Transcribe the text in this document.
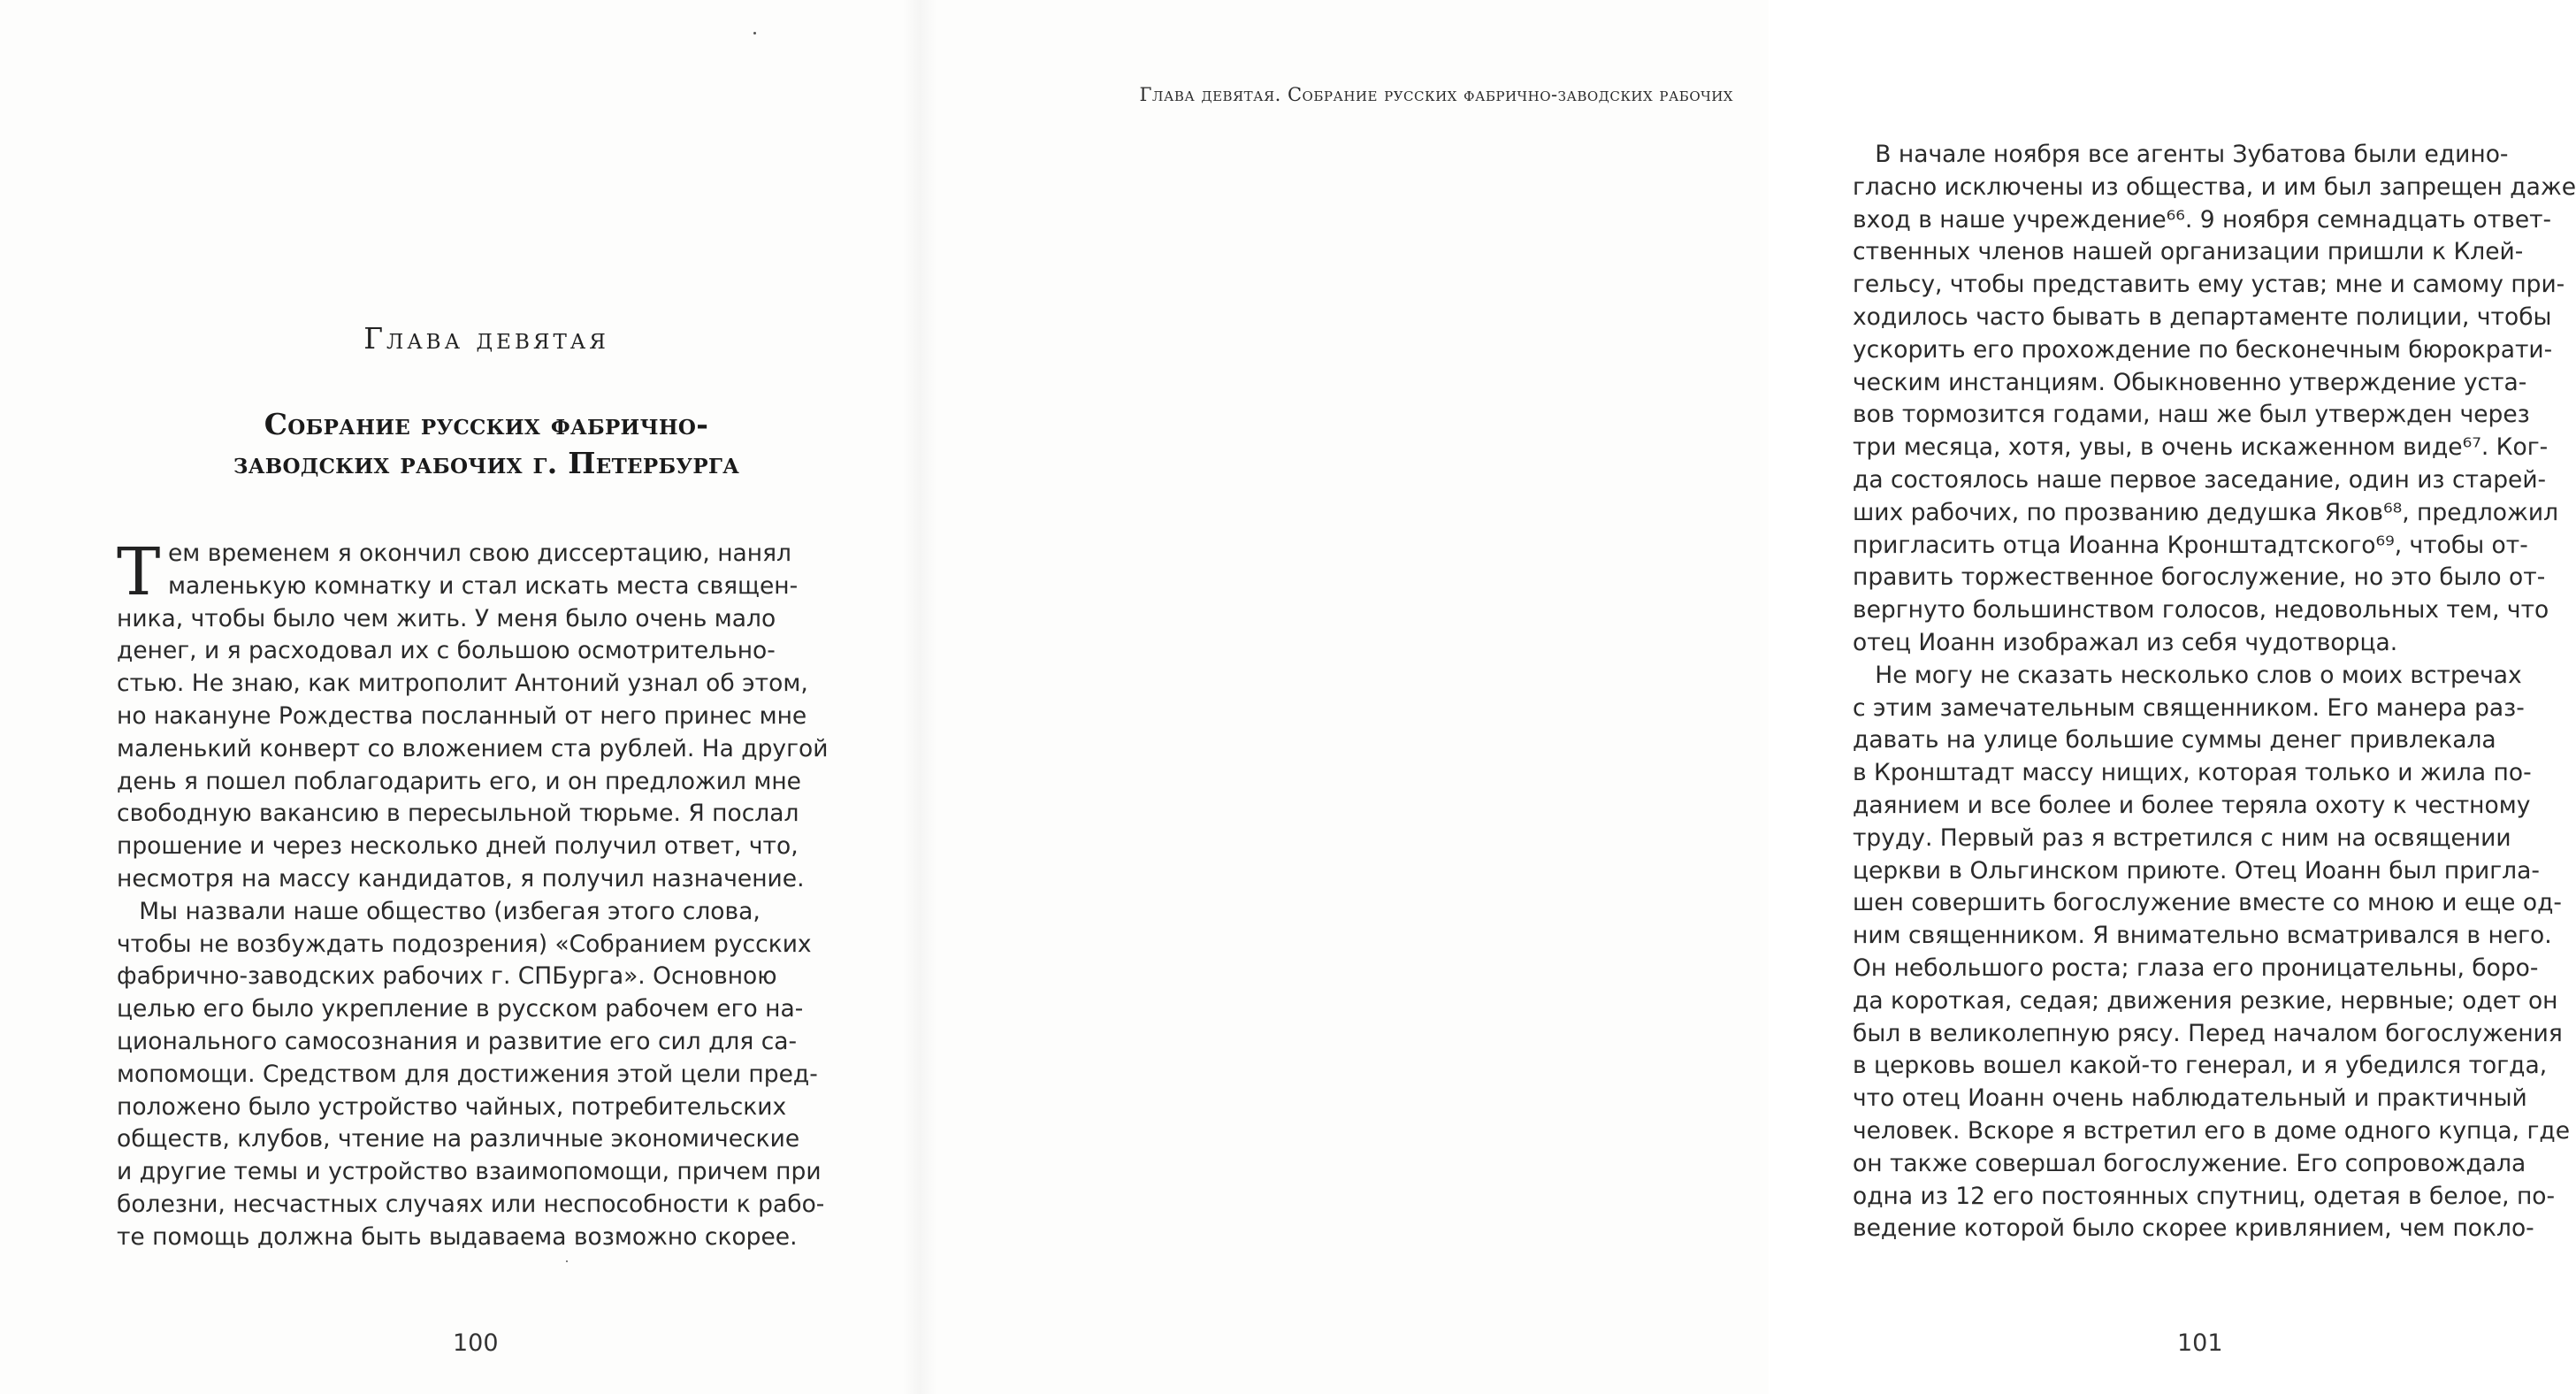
Глава девятая
Собрание русских фабрично-
заводских рабочих г. Петербурга
Т ем временем я окончил свою диссертацию, нанял
маленькую комнатку и стал искать места священ-
ника, чтобы было чем жить. У меня было очень мало
денег, и я расходовал их с большою осмотрительно-
стью. Не знаю, как митрополит Антоний узнал об этом,
но накануне Рождества посланный от него принес мне
маленький конверт со вложением ста рублей. На другой
день я пошел поблагодарить его, и он предложил мне
свободную вакансию в пересыльной тюрьме. Я послал
прошение и через несколько дней получил ответ, что,
несмотря на массу кандидатов, я получил назначение.
Мы назвали наше общество (избегая этого слова,
чтобы не возбуждать подозрения) «Собранием русских
фабрично-заводских рабочих г. СПБурга». Основною
целью его было укрепление в русском рабочем его на-
ционального самосознания и развитие его сил для са-
мопомощи. Средством для достижения этой цели пред-
положено было устройство чайных, потребительских
обществ, клубов, чтение на различные экономические
и другие темы и устройство взаимопомощи, причем при
болезни, несчастных случаях или неспособности к рабо-
те помощь должна быть выдаваема возможно скорее.
100
Глава девятая. Собрание русских фабрично-заводских рабочих
В начале ноября все агенты Зубатова были едино-
гласно исключены из общества, и им был запрещен даже
вход в наше учреждение⁶⁶. 9 ноября семнадцать ответ-
ственных членов нашей организации пришли к Клей-
гельсу, чтобы представить ему устав; мне и самому при-
ходилось часто бывать в департаменте полиции, чтобы
ускорить его прохождение по бесконечным бюрократи-
ческим инстанциям. Обыкновенно утверждение уста-
вов тормозится годами, наш же был утвержден через
три месяца, хотя, увы, в очень искаженном виде⁶⁷. Ког-
да состоялось наше первое заседание, один из старей-
ших рабочих, по прозванию дедушка Яков⁶⁸, предложил
пригласить отца Иоанна Кронштадтского⁶⁹, чтобы от-
править торжественное богослужение, но это было от-
вергнуто большинством голосов, недовольных тем, что
отец Иоанн изображал из себя чудотворца.
Не могу не сказать несколько слов о моих встречах
с этим замечательным священником. Его манера раз-
давать на улице большие суммы денег привлекала
в Кронштадт массу нищих, которая только и жила по-
даянием и все более и более теряла охоту к честному
труду. Первый раз я встретился с ним на освящении
церкви в Ольгинском приюте. Отец Иоанн был пригла-
шен совершить богослужение вместе со мною и еще од-
ним священником. Я внимательно всматривался в него.
Он небольшого роста; глаза его проницательны, боро-
да короткая, седая; движения резкие, нервные; одет он
был в великолепную рясу. Перед началом богослужения
в церковь вошел какой-то генерал, и я убедился тогда,
что отец Иоанн очень наблюдательный и практичный
человек. Вскоре я встретил его в доме одного купца, где
он также совершал богослужение. Его сопровождала
одна из 12 его постоянных спутниц, одетая в белое, по-
ведение которой было скорее кривлянием, чем покло-
101
